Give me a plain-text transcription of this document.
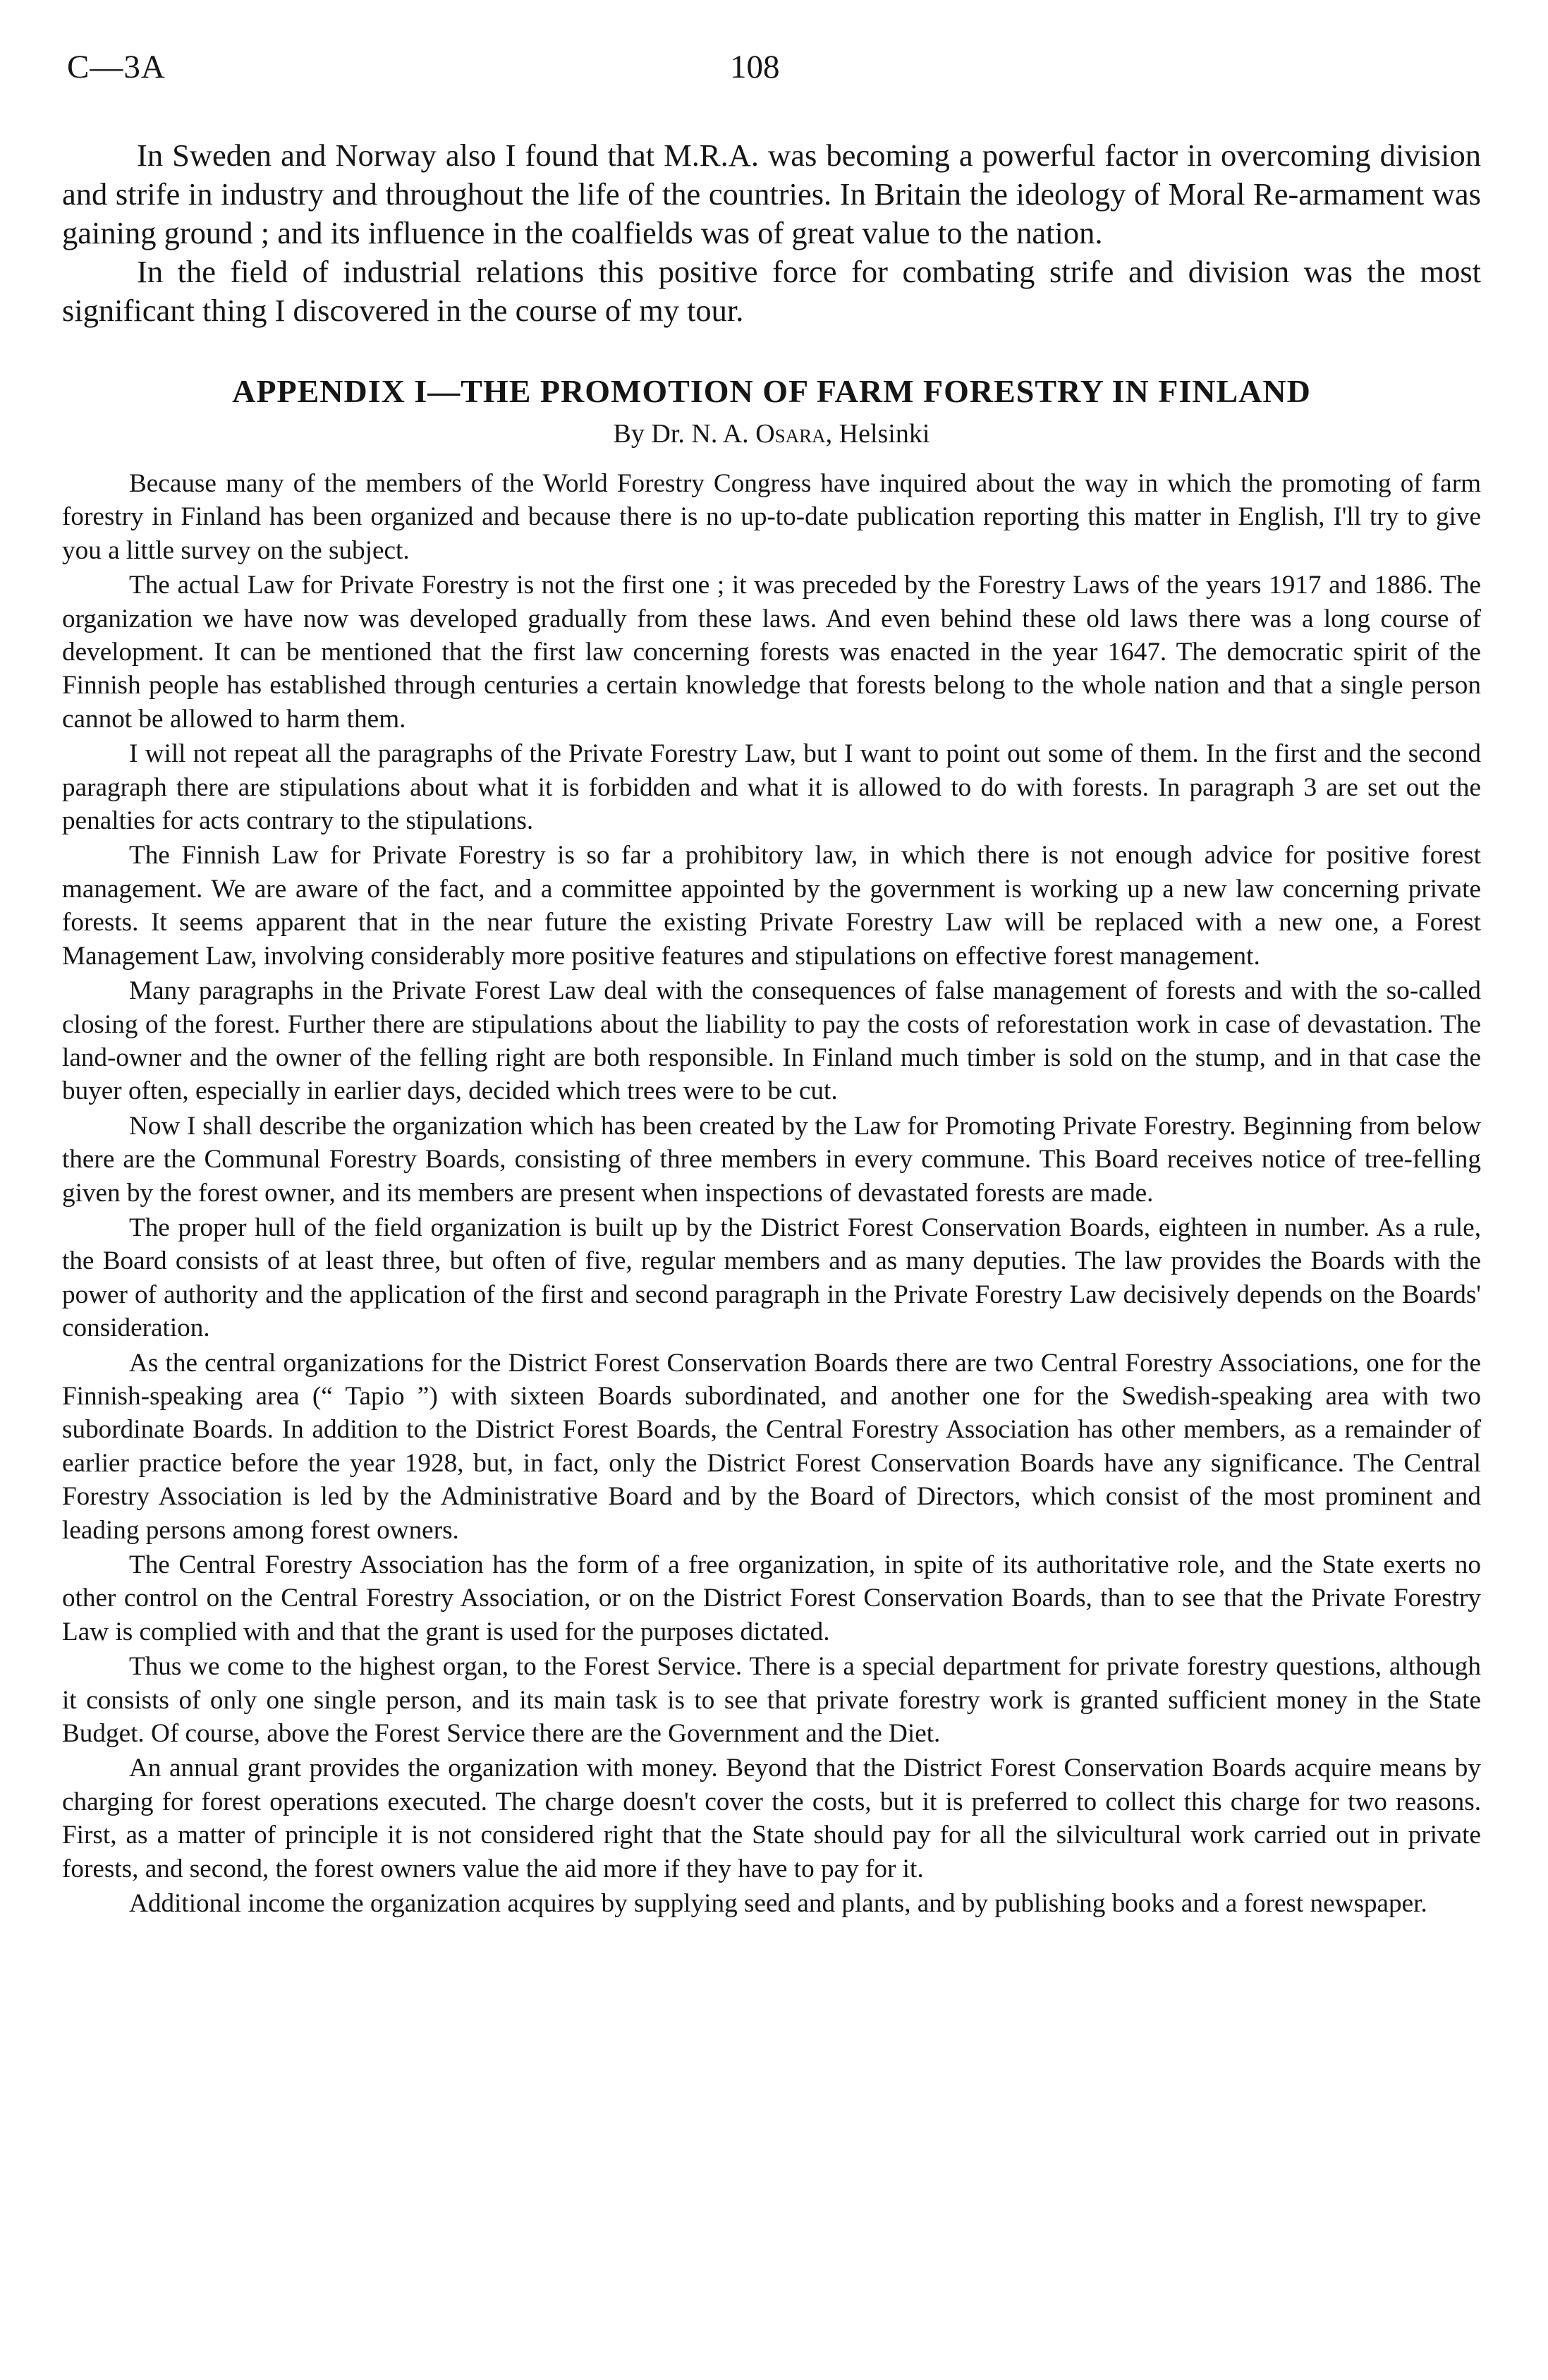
C—3A	108

In Sweden and Norway also I found that M.R.A. was becoming a powerful factor in overcoming division and strife in industry and throughout the life of the countries. In Britain the ideology of Moral Re-armament was gaining ground ; and its influence in the coalfields was of great value to the nation.

In the field of industrial relations this positive force for combating strife and division was the most significant thing I discovered in the course of my tour.

APPENDIX I—THE PROMOTION OF FARM FORESTRY IN FINLAND
By Dr. N. A. Osara, Helsinki

Because many of the members of the World Forestry Congress have inquired about the way in which the promoting of farm forestry in Finland has been organized and because there is no up-to-date publication reporting this matter in English, I'll try to give you a little survey on the subject.

The actual Law for Private Forestry is not the first one ; it was preceded by the Forestry Laws of the years 1917 and 1886. The organization we have now was developed gradually from these laws. And even behind these old laws there was a long course of development. It can be mentioned that the first law concerning forests was enacted in the year 1647. The democratic spirit of the Finnish people has established through centuries a certain knowledge that forests belong to the whole nation and that a single person cannot be allowed to harm them.

I will not repeat all the paragraphs of the Private Forestry Law, but I want to point out some of them. In the first and the second paragraph there are stipulations about what it is forbidden and what it is allowed to do with forests. In paragraph 3 are set out the penalties for acts contrary to the stipulations.

The Finnish Law for Private Forestry is so far a prohibitory law, in which there is not enough advice for positive forest management. We are aware of the fact, and a committee appointed by the government is working up a new law concerning private forests. It seems apparent that in the near future the existing Private Forestry Law will be replaced with a new one, a Forest Management Law, involving considerably more positive features and stipulations on effective forest management.

Many paragraphs in the Private Forest Law deal with the consequences of false management of forests and with the so-called closing of the forest. Further there are stipulations about the liability to pay the costs of reforestation work in case of devastation. The land-owner and the owner of the felling right are both responsible. In Finland much timber is sold on the stump, and in that case the buyer often, especially in earlier days, decided which trees were to be cut.

Now I shall describe the organization which has been created by the Law for Promoting Private Forestry. Beginning from below there are the Communal Forestry Boards, consisting of three members in every commune. This Board receives notice of tree-felling given by the forest owner, and its members are present when inspections of devastated forests are made.

The proper hull of the field organization is built up by the District Forest Conservation Boards, eighteen in number. As a rule, the Board consists of at least three, but often of five, regular members and as many deputies. The law provides the Boards with the power of authority and the application of the first and second paragraph in the Private Forestry Law decisively depends on the Boards' consideration.

As the central organizations for the District Forest Conservation Boards there are two Central Forestry Associations, one for the Finnish-speaking area (“ Tapio ”) with sixteen Boards subordinated, and another one for the Swedish-speaking area with two subordinate Boards. In addition to the District Forest Boards, the Central Forestry Association has other members, as a remainder of earlier practice before the year 1928, but, in fact, only the District Forest Conservation Boards have any significance. The Central Forestry Association is led by the Administrative Board and by the Board of Directors, which consist of the most prominent and leading persons among forest owners.

The Central Forestry Association has the form of a free organization, in spite of its authoritative role, and the State exerts no other control on the Central Forestry Association, or on the District Forest Conservation Boards, than to see that the Private Forestry Law is complied with and that the grant is used for the purposes dictated.

Thus we come to the highest organ, to the Forest Service. There is a special department for private forestry questions, although it consists of only one single person, and its main task is to see that private forestry work is granted sufficient money in the State Budget. Of course, above the Forest Service there are the Government and the Diet.

An annual grant provides the organization with money. Beyond that the District Forest Conservation Boards acquire means by charging for forest operations executed. The charge doesn't cover the costs, but it is preferred to collect this charge for two reasons. First, as a matter of principle it is not considered right that the State should pay for all the silvicultural work carried out in private forests, and second, the forest owners value the aid more if they have to pay for it.

Additional income the organization acquires by supplying seed and plants, and by publishing books and a forest newspaper.
